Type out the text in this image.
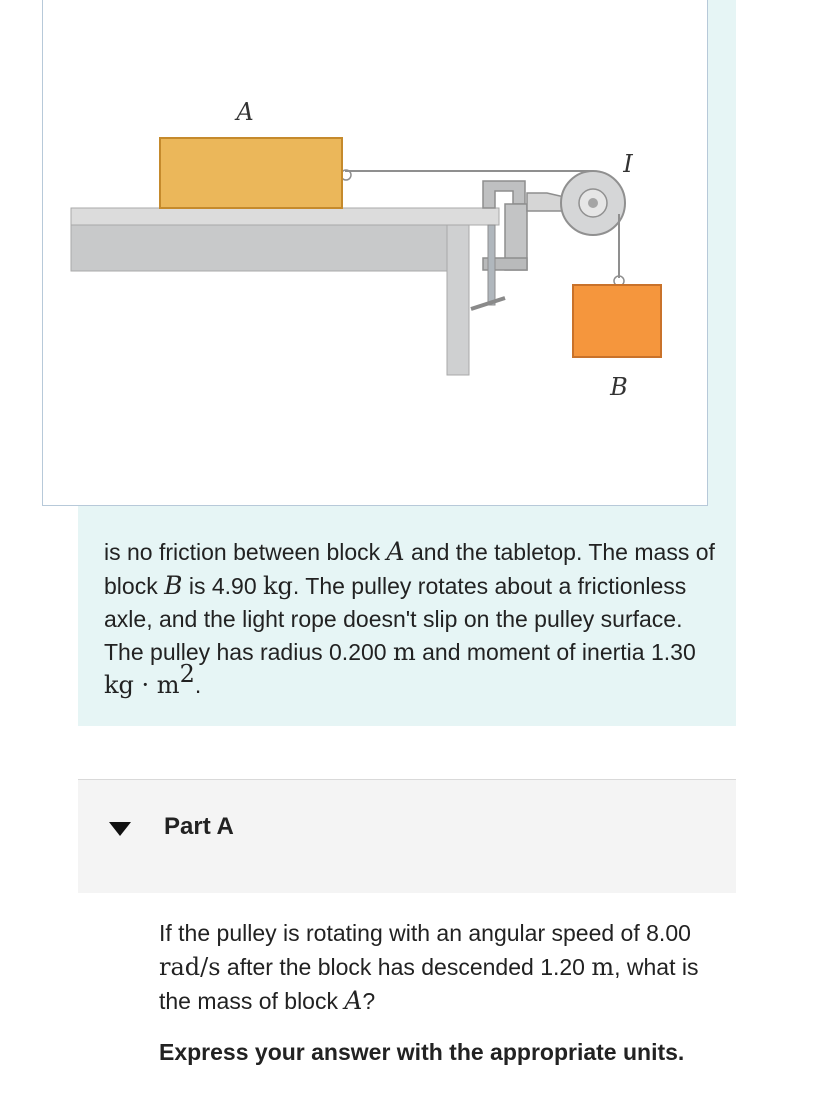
A
I
B
is no friction between block A and the tabletop. The mass of block B is 4.90 kg. The pulley rotates about a frictionless axle, and the light rope doesn't slip on the pulley surface. The pulley has radius 0.200 m and moment of inertia 1.30 kg · $m^2$.
Part A
If the pulley is rotating with an angular speed of 8.00 rad/s after the block has descended 1.20 m, what is the mass of block A?
Express your answer with the appropriate units.
